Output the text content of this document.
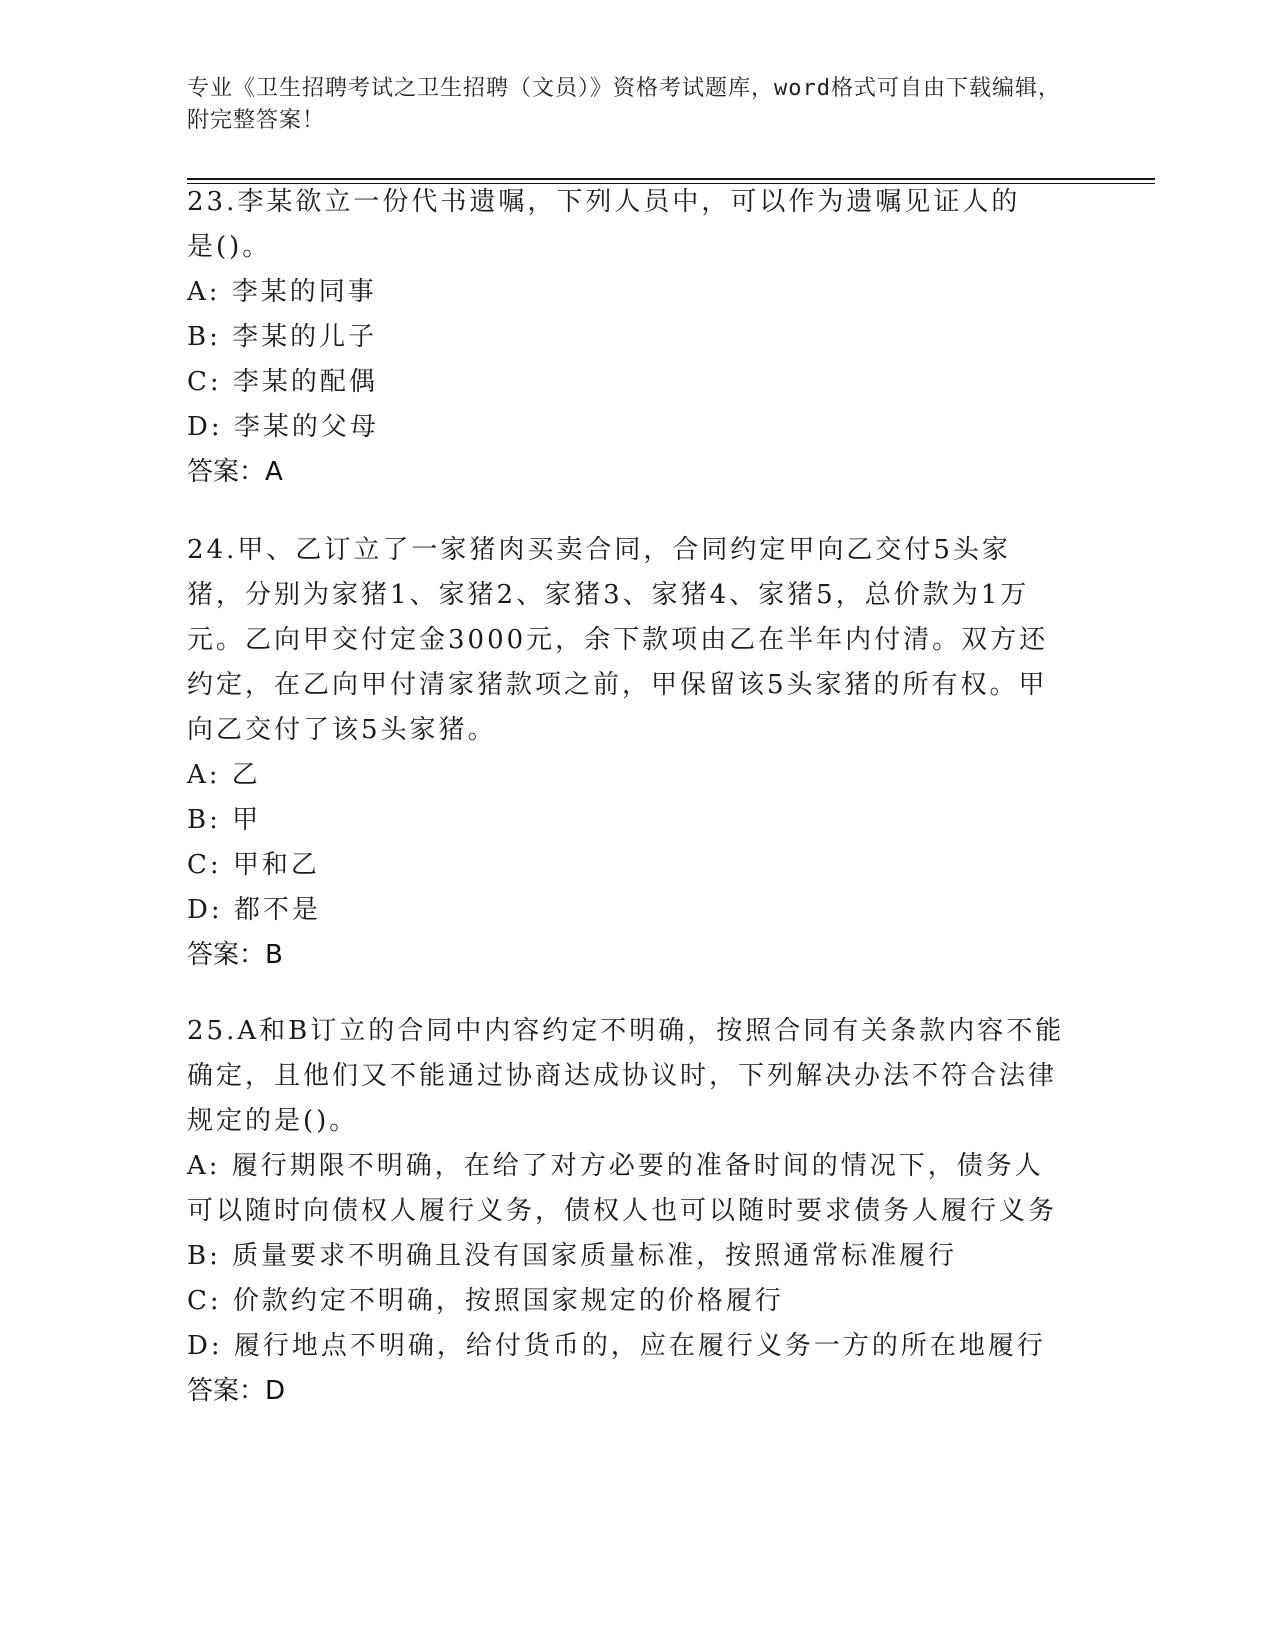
专业《卫生招聘考试之卫生招聘（文员）》资格考试题库，word格式可自由下载编辑，附完整答案！

23.李某欲立一份代书遗嘱，下列人员中，可以作为遗嘱见证人的是()。

A: 李某的同事

B: 李某的儿子

C: 李某的配偶

D: 李某的父母

答案：A

24.甲、乙订立了一家猪肉买卖合同，合同约定甲向乙交付5头家猪，分别为家猪1、家猪2、家猪3、家猪4、家猪5，总价款为1万元。乙向甲交付定金3000元，余下款项由乙在半年内付清。双方还约定，在乙向甲付清家猪款项之前，甲保留该5头家猪的所有权。甲向乙交付了该5头家猪。

A: 乙

B: 甲

C: 甲和乙

D: 都不是

答案：B

25.A和B订立的合同中内容约定不明确，按照合同有关条款内容不能确定，且他们又不能通过协商达成协议时，下列解决办法不符合法律规定的是()。

A: 履行期限不明确，在给了对方必要的准备时间的情况下，债务人可以随时向债权人履行义务，债权人也可以随时要求债务人履行义务

B: 质量要求不明确且没有国家质量标准，按照通常标准履行

C: 价款约定不明确，按照国家规定的价格履行

D: 履行地点不明确，给付货币的，应在履行义务一方的所在地履行

答案：D
